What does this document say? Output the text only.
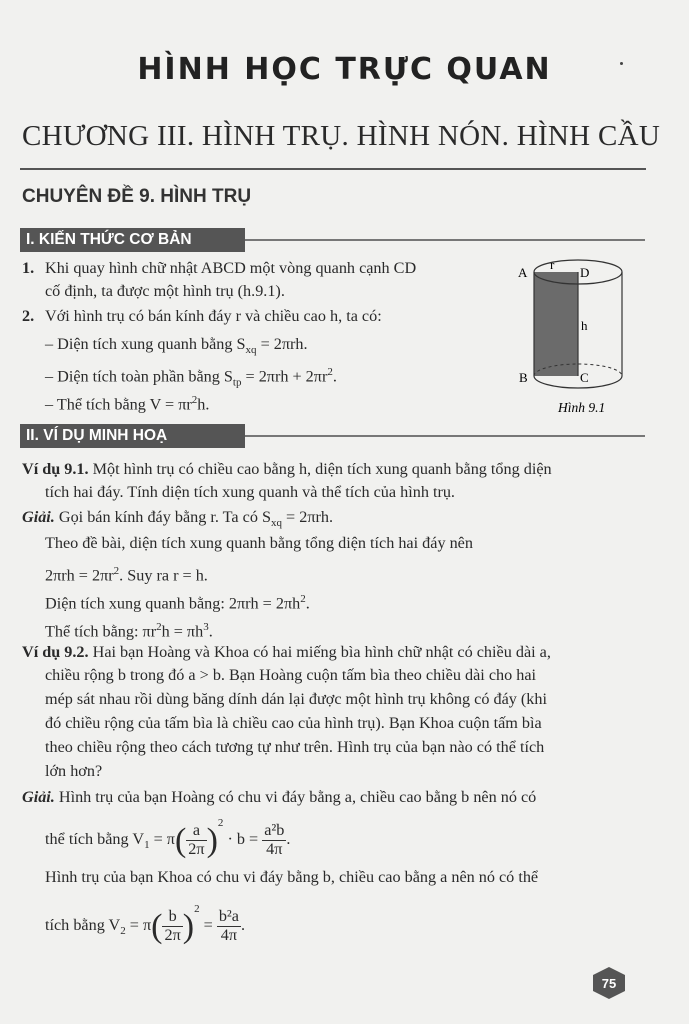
HÌNH HỌC TRỰC QUAN
CHƯƠNG III. HÌNH TRỤ. HÌNH NÓN. HÌNH CẦU
CHUYÊN ĐỀ 9. HÌNH TRỤ
I. KIẾN THỨC CƠ BẢN
1. Khi quay hình chữ nhật ABCD một vòng quanh cạnh CD
cố định, ta được một hình trụ (h.9.1).
2. Với hình trụ có bán kính đáy r và chiều cao h, ta có:
– Diện tích xung quanh bằng $S_{xq} = 2\pi rh$.
– Diện tích toàn phần bằng $S_{tp} = 2\pi rh + 2\pi r^2$.
– Thể tích bằng $V = \pi r^2h$.
A
r
D
h
B	C
Hình 9.1
II. VÍ DỤ MINH HOẠ
Ví dụ 9.1. Một hình trụ có chiều cao bằng h, diện tích xung quanh bằng tổng diện
tích hai đáy. Tính diện tích xung quanh và thể tích của hình trụ.
Giải. Gọi bán kính đáy bằng r. Ta có $S_{xq} = 2\pi rh$.
Theo đề bài, diện tích xung quanh bằng tổng diện tích hai đáy nên
$2\pi rh = 2\pi r^2$. Suy ra r = h.
Diện tích xung quanh bằng: $2\pi rh = 2\pi h^2$.
Thể tích bằng: $\pi r^2h = \pi h^3$.
Ví dụ 9.2. Hai bạn Hoàng và Khoa có hai miếng bìa hình chữ nhật có chiều dài a,
chiều rộng b trong đó a > b. Bạn Hoàng cuộn tấm bìa theo chiều dài cho hai
mép sát nhau rồi dùng băng dính dán lại được một hình trụ không có đáy (khi
đó chiều rộng của tấm bìa là chiều cao của hình trụ). Bạn Khoa cuộn tấm bìa
theo chiều rộng theo cách tương tự như trên. Hình trụ của bạn nào có thể tích
lớn hơn?
Giải. Hình trụ của bạn Hoàng có chu vi đáy bằng a, chiều cao bằng b nên nó có
thể tích bằng $V_1 = \pi( \frac{a}{2\pi} )^2 \cdot b = \frac{\text{a²b}}{4\pi}$ .
Hình trụ của bạn Khoa có chu vi đáy bằng b, chiều cao bằng a nên nó có thể
tích bằng $V_2 = \pi( \frac{b}{2\pi} )^2 = \frac{\text{b²a}}{4\pi}$ .
75
